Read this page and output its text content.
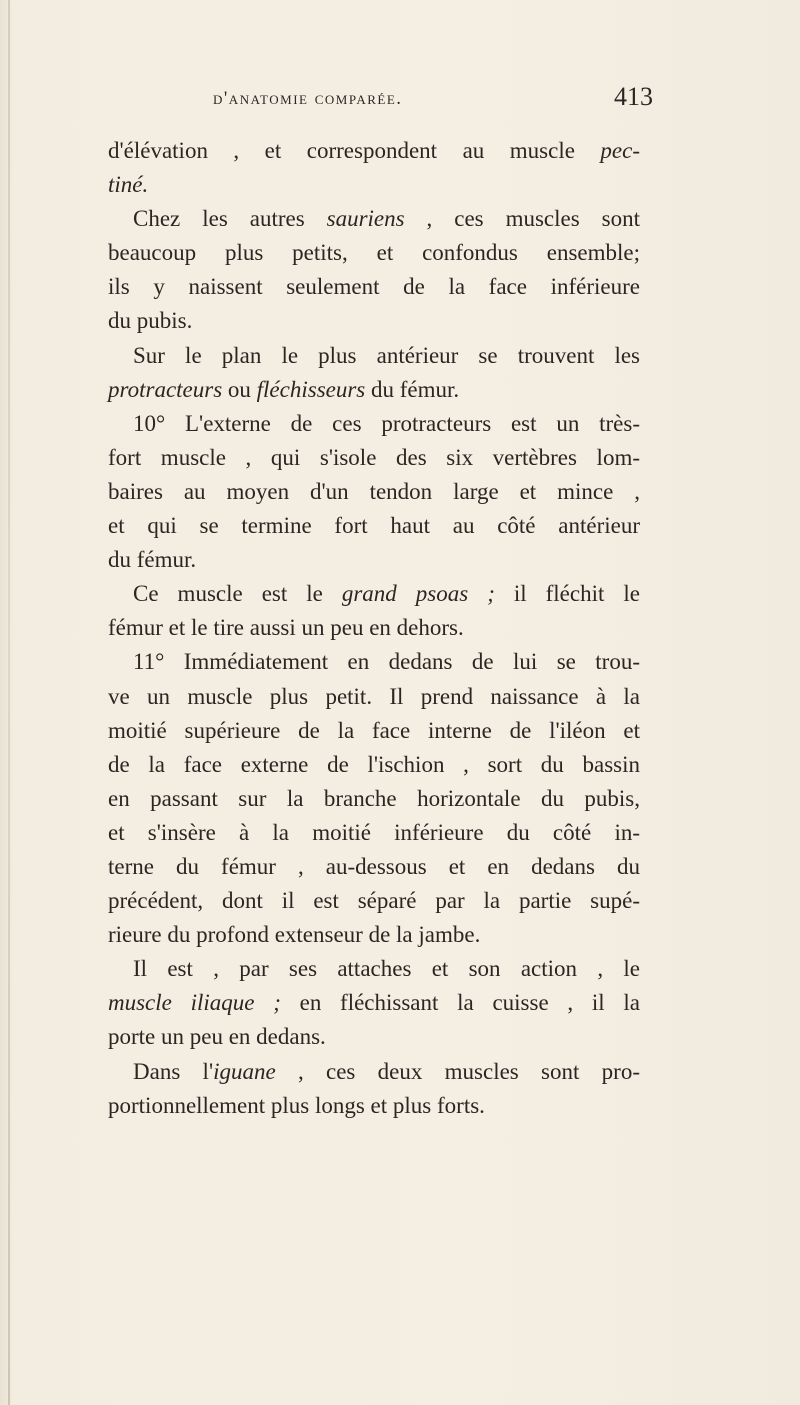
d'anatomie comparée.	413
d'élévation , et correspondent au muscle pec-
tiné.
Chez les autres sauriens , ces muscles sont
beaucoup plus petits, et confondus ensemble;
ils y naissent seulement de la face inférieure
du pubis.
Sur le plan le plus antérieur se trouvent les
protracteurs ou fléchisseurs du fémur.
10° L'externe de ces protracteurs est un très-
fort muscle , qui s'isole des six vertèbres lom-
baires au moyen d'un tendon large et mince ,
et qui se termine fort haut au côté antérieur
du fémur.
Ce muscle est le grand psoas ; il fléchit le
fémur et le tire aussi un peu en dehors.
11° Immédiatement en dedans de lui se trou-
ve un muscle plus petit. Il prend naissance à la
moitié supérieure de la face interne de l'iléon et
de la face externe de l'ischion , sort du bassin
en passant sur la branche horizontale du pubis,
et s'insère à la moitié inférieure du côté in-
terne du fémur , au-dessous et en dedans du
précédent, dont il est séparé par la partie supé-
rieure du profond extenseur de la jambe.
Il est , par ses attaches et son action , le
muscle iliaque ; en fléchissant la cuisse , il la
porte un peu en dedans.
Dans l'iguane , ces deux muscles sont pro-
portionnellement plus longs et plus forts.
